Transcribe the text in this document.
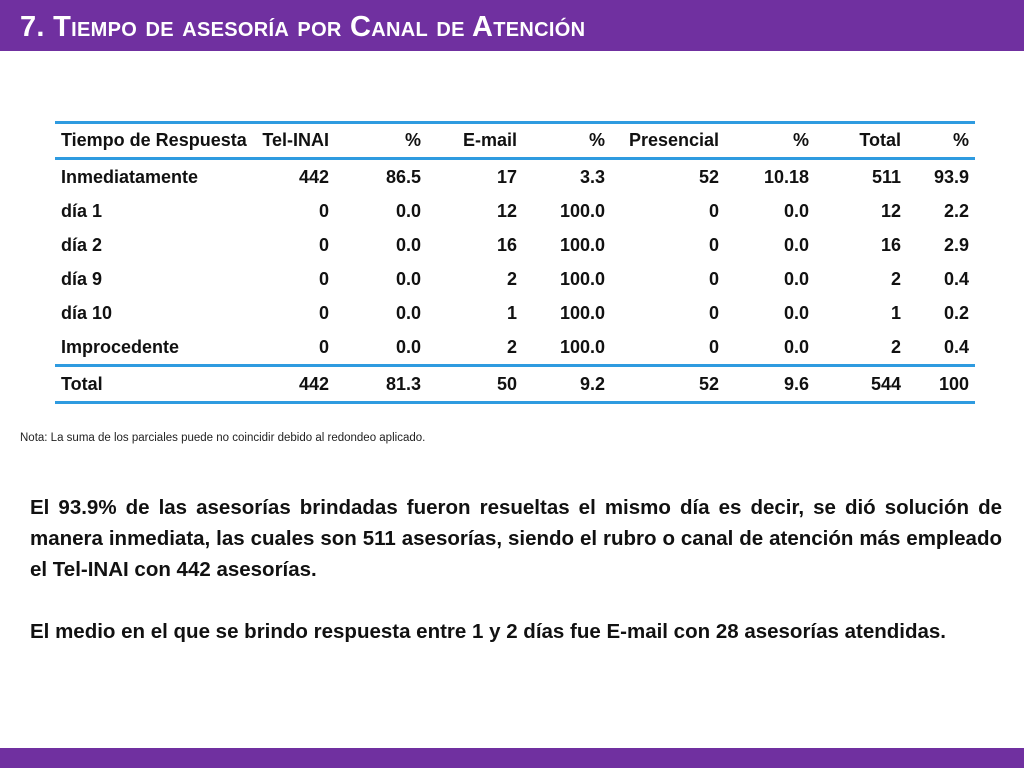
7. Tiempo de asesoría por Canal de Atención
Tiempo de Respuesta	Tel-INAI	%	E-mail	%	Presencial	%	Total	%
Inmediatamente	442	86.5	17	3.3	52	10.18	511	93.9
día 1	0	0.0	12	100.0	0	0.0	12	2.2
día 2	0	0.0	16	100.0	0	0.0	16	2.9
día 9	0	0.0	2	100.0	0	0.0	2	0.4
día 10	0	0.0	1	100.0	0	0.0	1	0.2
Improcedente	0	0.0	2	100.0	0	0.0	2	0.4
Total	442	81.3	50	9.2	52	9.6	544	100
Nota: La suma de los parciales puede no coincidir debido al redondeo aplicado.

El 93.9% de las asesorías brindadas fueron resueltas el mismo día es decir, se dió solución de manera inmediata, las cuales son 511 asesorías, siendo el rubro o canal de atención más empleado el Tel-INAI con 442 asesorías.

El medio en el que se brindo respuesta entre 1 y 2 días fue E-mail con 28 asesorías atendidas.
